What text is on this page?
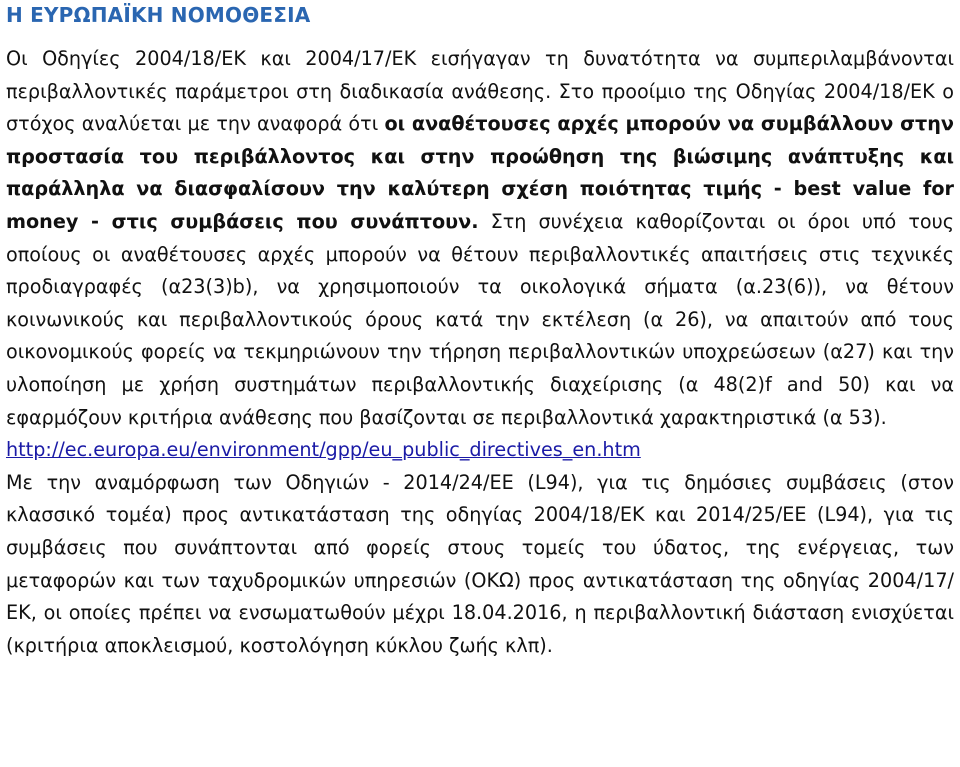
Η ΕΥΡΩΠΑΪΚΗ ΝΟΜΟΘΕΣΙΑ

Οι Οδηγίες 2004/18/ΕΚ και 2004/17/ΕΚ εισήγαγαν τη δυνατότητα να συμπεριλαμβάνονται περιβαλλοντικές παράμετροι στη διαδικασία ανάθεσης. Στο προοίμιο της Οδηγίας 2004/18/ΕΚ ο στόχος αναλύεται με την αναφορά ότι οι αναθέτουσες αρχές μπορούν να συμβάλλουν στην προστασία του περιβάλλοντος και στην προώθηση της βιώσιμης ανάπτυξης και παράλληλα να διασφαλίσουν την καλύτερη σχέση ποιότητας τιμής - best value for money - στις συμβάσεις που συνάπτουν. Στη συνέχεια καθορίζονται οι όροι υπό τους οποίους οι αναθέτουσες αρχές μπορούν να θέτουν περιβαλλοντικές απαιτήσεις στις τεχνικές προδιαγραφές (α23(3)b), να χρησιμοποιούν τα οικολογικά σήματα (α.23(6)), να θέτουν κοινωνικούς και περιβαλλοντικούς όρους κατά την εκτέλεση (α 26), να απαιτούν από τους οικονομικούς φορείς να τεκμηριώνουν την τήρηση περιβαλλοντικών υποχρεώσεων (α27) και την υλοποίηση με χρήση συστημάτων περιβαλλοντικής διαχείρισης (α 48(2)f and 50) και να εφαρμόζουν κριτήρια ανάθεσης που βασίζονται σε περιβαλλοντικά χαρακτηριστικά (α 53).
http://ec.europa.eu/environment/gpp/eu_public_directives_en.htm
Με την αναμόρφωση των Οδηγιών - 2014/24/ΕΕ (L94), για τις δημόσιες συμβάσεις (στον κλασσικό τομέα) προς αντικατάσταση της οδηγίας 2004/18/ΕΚ και 2014/25/ΕΕ (L94), για τις συμβάσεις που συνάπτονται από φορείς στους τομείς του ύδατος, της ενέργειας, των μεταφορών και των ταχυδρομικών υπηρεσιών (ΟΚΩ) προς αντικατάσταση της οδηγίας 2004/17/ΕΚ, οι οποίες πρέπει να ενσωματωθούν μέχρι 18.04.2016, η περιβαλλοντική διάσταση ενισχύεται (κριτήρια αποκλεισμού, κοστολόγηση κύκλου ζωής κλπ).
